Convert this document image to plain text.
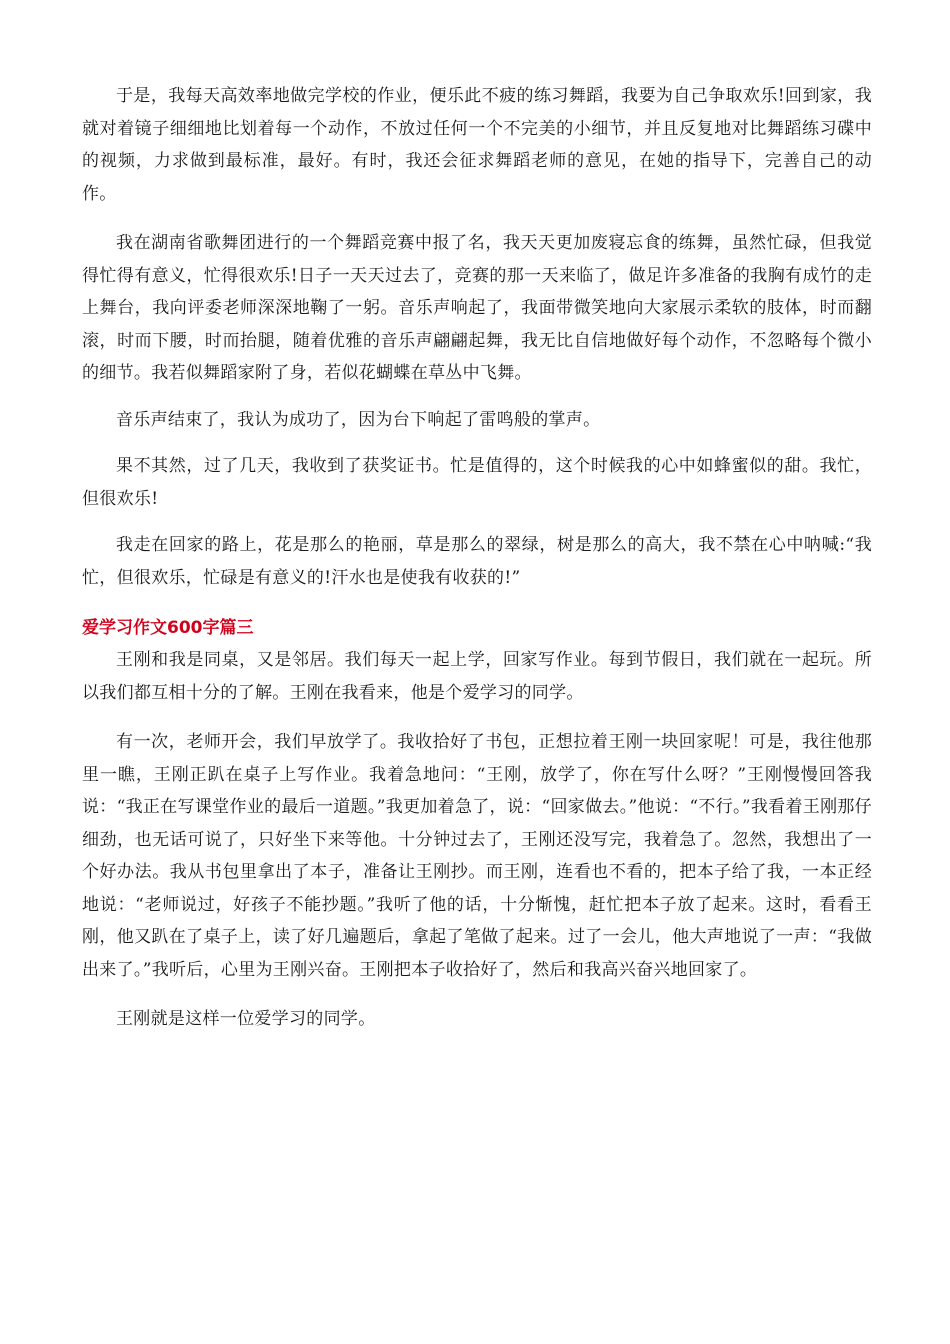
于是，我每天高效率地做完学校的作业，便乐此不疲的练习舞蹈，我要为自己争取欢乐!回到家，我就对着镜子细细地比划着每一个动作，不放过任何一个不完美的小细节，并且反复地对比舞蹈练习碟中的视频，力求做到最标准，最好。有时，我还会征求舞蹈老师的意见，在她的指导下，完善自己的动作。

我在湖南省歌舞团进行的一个舞蹈竞赛中报了名，我天天更加废寝忘食的练舞，虽然忙碌，但我觉得忙得有意义，忙得很欢乐!日子一天天过去了，竞赛的那一天来临了，做足许多准备的我胸有成竹的走上舞台，我向评委老师深深地鞠了一躬。音乐声响起了，我面带微笑地向大家展示柔软的肢体，时而翻滚，时而下腰，时而抬腿，随着优雅的音乐声翩翩起舞，我无比自信地做好每个动作，不忽略每个微小的细节。我若似舞蹈家附了身，若似花蝴蝶在草丛中飞舞。

音乐声结束了，我认为成功了，因为台下响起了雷鸣般的掌声。

果不其然，过了几天，我收到了获奖证书。忙是值得的，这个时候我的心中如蜂蜜似的甜。我忙，但很欢乐!

我走在回家的路上，花是那么的艳丽，草是那么的翠绿，树是那么的高大，我不禁在心中呐喊:“我忙，但很欢乐，忙碌是有意义的!汗水也是使我有收获的!”

爱学习作文600字篇三

王刚和我是同桌，又是邻居。我们每天一起上学，回家写作业。每到节假日，我们就在一起玩。所以我们都互相十分的了解。王刚在我看来，他是个爱学习的同学。

有一次，老师开会，我们早放学了。我收拾好了书包，正想拉着王刚一块回家呢！可是，我往他那里一瞧，王刚正趴在桌子上写作业。我着急地问：“王刚，放学了，你在写什么呀？”王刚慢慢回答我说：“我正在写课堂作业的最后一道题。”我更加着急了，说：“回家做去。”他说：“不行。”我看着王刚那仔细劲，也无话可说了，只好坐下来等他。十分钟过去了，王刚还没写完，我着急了。忽然，我想出了一个好办法。我从书包里拿出了本子，准备让王刚抄。而王刚，连看也不看的，把本子给了我，一本正经地说：“老师说过，好孩子不能抄题。”我听了他的话，十分惭愧，赶忙把本子放了起来。这时，看看王刚，他又趴在了桌子上，读了好几遍题后，拿起了笔做了起来。过了一会儿，他大声地说了一声：“我做出来了。”我听后，心里为王刚兴奋。王刚把本子收拾好了，然后和我高兴奋兴地回家了。

王刚就是这样一位爱学习的同学。
